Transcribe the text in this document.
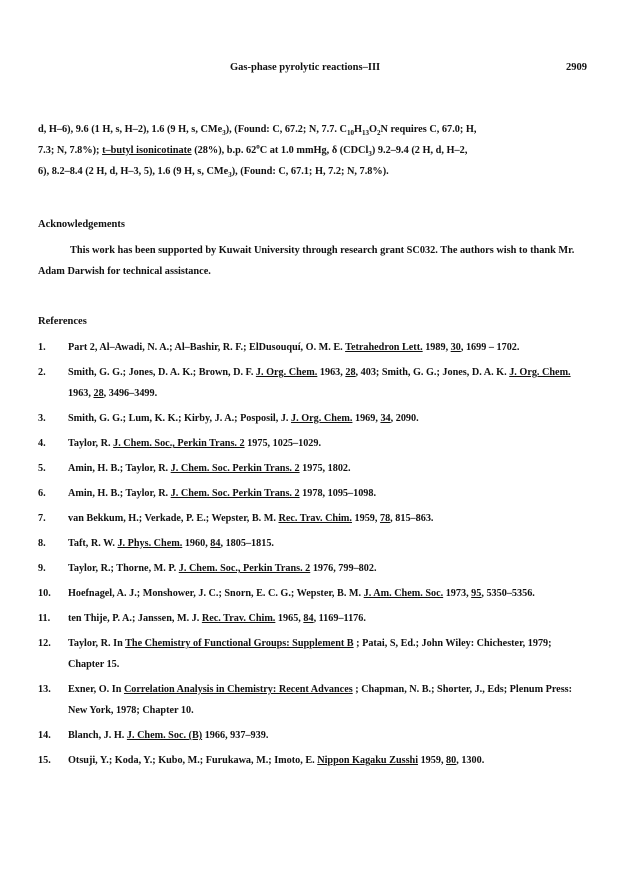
Gas-phase pyrolytic reactions–III	2909
d, H–6), 9.6 (1 H, s, H–2), 1.6 (9 H, s, CMe$_3$), (Found: C, 67.2; N, 7.7. $C_{10}H_{13}O_2N$ requires C, 67.0; H,
7.3; N, 7.8%); t–butyl isonicotinate (28%), b.p. 62$^o$C at 1.0 mmHg, δ (CDCl$_3$) 9.2–9.4 (2 H, d, H–2,
6), 8.2–8.4 (2 H, d, H–3, 5), 1.6 (9 H, s, CMe$_3$), (Found: C, 67.1; H, 7.2; N, 7.8%).
Acknowledgements
This work has been supported by Kuwait University through research grant SC032. The authors wish to thank Mr. Adam Darwish for technical assistance.
References
1. Part 2, Al–Awadi, N. A.; Al–Bashir, R. F.; ElDusouquí, O. M. E. Tetrahedron Lett. 1989, 30, 1699 – 1702.
2. Smith, G. G.; Jones, D. A. K.; Brown, D. F. J. Org. Chem. 1963, 28, 403; Smith, G. G.; Jones, D. A. K. J. Org. Chem. 1963, 28, 3496–3499.
3. Smith, G. G.; Lum, K. K.; Kirby, J. A.; Posposil, J. J. Org. Chem. 1969, 34, 2090.
4. Taylor, R. J. Chem. Soc., Perkin Trans. 2 1975, 1025–1029.
5. Amin, H. B.; Taylor, R. J. Chem. Soc. Perkin Trans. 2 1975, 1802.
6. Amin, H. B.; Taylor, R. J. Chem. Soc. Perkin Trans. 2 1978, 1095–1098.
7. van Bekkum, H.; Verkade, P. E.; Wepster, B. M. Rec. Trav. Chim. 1959, 78, 815–863.
8. Taft, R. W. J. Phys. Chem. 1960, 84, 1805–1815.
9. Taylor, R.; Thorne, M. P. J. Chem. Soc., Perkin Trans. 2 1976, 799–802.
10. Hoefnagel, A. J.; Monshower, J. C.; Snorn, E. C. G.; Wepster, B. M. J. Am. Chem. Soc. 1973, 95, 5350–5356.
11. ten Thije, P. A.; Janssen, M. J. Rec. Trav. Chim. 1965, 84, 1169–1176.
12. Taylor, R. In The Chemistry of Functional Groups: Supplement B ; Patai, S, Ed.; John Wiley: Chichester, 1979; Chapter 15.
13. Exner, O. In Correlation Analysis in Chemistry: Recent Advances ; Chapman, N. B.; Shorter, J., Eds; Plenum Press: New York, 1978; Chapter 10.
14. Blanch, J. H. J. Chem. Soc. (B) 1966, 937–939.
15. Otsuji, Y.; Koda, Y.; Kubo, M.; Furukawa, M.; Imoto, E. Nippon Kagaku Zusshi 1959, 80, 1300.
